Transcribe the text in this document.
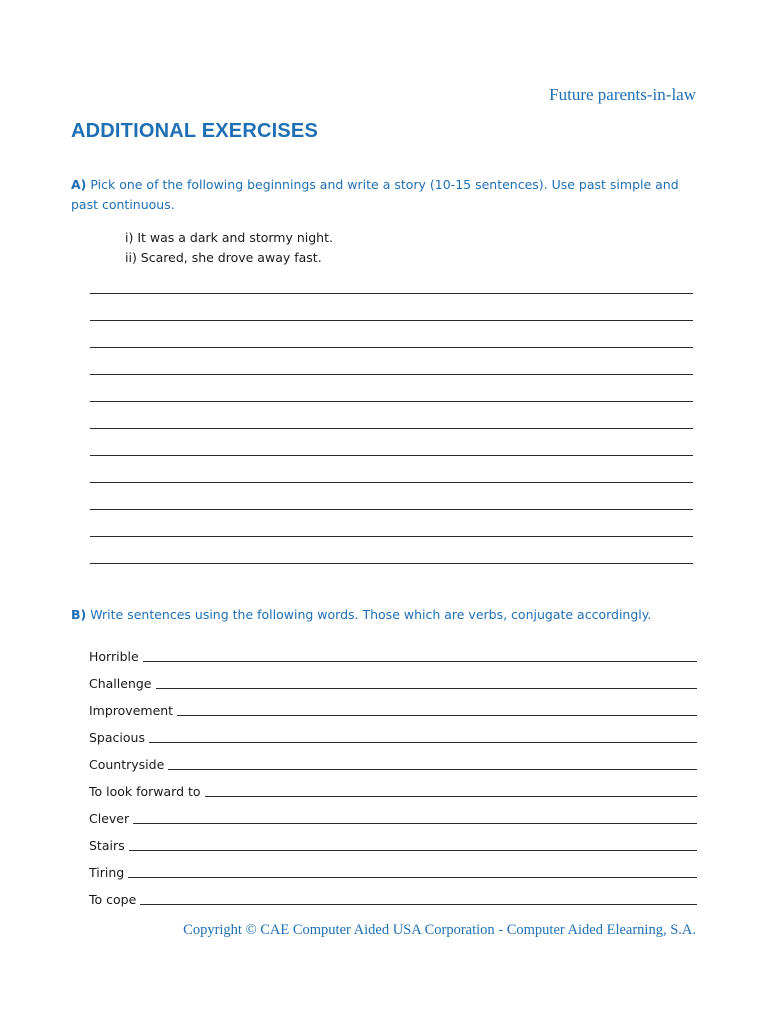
Future parents-in-law
ADDITIONAL EXERCISES
A) Pick one of the following beginnings and write a story (10-15 sentences). Use past simple and past continuous.
i) It was a dark and stormy night.
ii) Scared, she drove away fast.
B) Write sentences using the following words. Those which are verbs, conjugate accordingly.
Horrible
Challenge
Improvement
Spacious
Countryside
To look forward to
Clever
Stairs
Tiring
To cope
Copyright © CAE Computer Aided USA Corporation - Computer Aided Elearning, S.A.
